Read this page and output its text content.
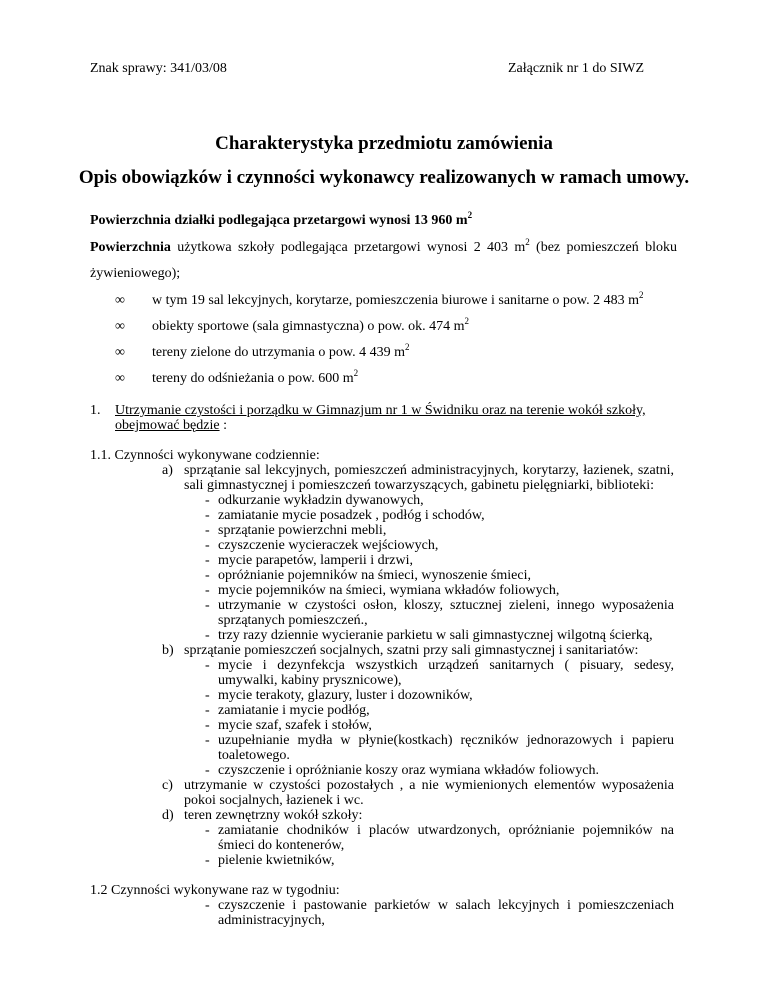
Znak sprawy: 341/03/08	Załącznik nr 1 do SIWZ
Charakterystyka przedmiotu zamówienia
Opis obowiązków i czynności wykonawcy realizowanych w ramach umowy.
Powierzchnia działki podlegająca przetargowi wynosi 13 960 $m^2$
Powierzchnia użytkowa szkoły podlegająca przetargowi wynosi 2 403 $m^2$ (bez pomieszczeń bloku
żywieniowego);
∞ w tym 19 sal lekcyjnych, korytarze, pomieszczenia biurowe i sanitarne o pow. 2 483 $m^2$
∞ obiekty sportowe (sala gimnastyczna) o pow. ok. 474 $m^2$
∞ tereny zielone do utrzymania o pow. 4 439 $m^2$
∞ tereny do odśnieżania o pow. 600 $m^2$
1. Utrzymanie czystości i porządku w Gimnazjum nr 1 w Świdniku oraz na terenie wokół szkoły,
obejmować będzie :
1.1. Czynności wykonywane codziennie:
a) sprzątanie sal lekcyjnych, pomieszczeń administracyjnych, korytarzy, łazienek, szatni,
sali gimnastycznej i pomieszczeń towarzyszących, gabinetu pielęgniarki, biblioteki:
- odkurzanie wykładzin dywanowych,
- zamiatanie mycie posadzek , podłóg i schodów,
- sprzątanie powierzchni mebli,
- czyszczenie wycieraczek wejściowych,
- mycie parapetów, lamperii i drzwi,
- opróżnianie pojemników na śmieci, wynoszenie śmieci,
- mycie pojemników na śmieci, wymiana wkładów foliowych,
- utrzymanie w czystości osłon, kloszy, sztucznej zieleni, innego wyposażenia
sprzątanych pomieszczeń.,
- trzy razy dziennie wycieranie parkietu w sali gimnastycznej wilgotną ścierką,
b) sprzątanie pomieszczeń socjalnych, szatni przy sali gimnastycznej i sanitariatów:
- mycie i dezynfekcja wszystkich urządzeń sanitarnych ( pisuary, sedesy,
umywalki, kabiny prysznicowe),
- mycie terakoty, glazury, luster i dozowników,
- zamiatanie i mycie podłóg,
- mycie szaf, szafek i stołów,
- uzupełnianie mydła w płynie(kostkach) ręczników jednorazowych i papieru
toaletowego.
- czyszczenie i opróżnianie koszy oraz wymiana wkładów foliowych.
c) utrzymanie w czystości pozostałych , a nie wymienionych elementów wyposażenia
pokoi socjalnych, łazienek i wc.
d) teren zewnętrzny wokół szkoły:
- zamiatanie chodników i placów utwardzonych, opróżnianie pojemników na
śmieci do kontenerów,
- pielenie kwietników,
1.2 Czynności wykonywane raz w tygodniu:
- czyszczenie i pastowanie parkietów w salach lekcyjnych i pomieszczeniach
administracyjnych,
